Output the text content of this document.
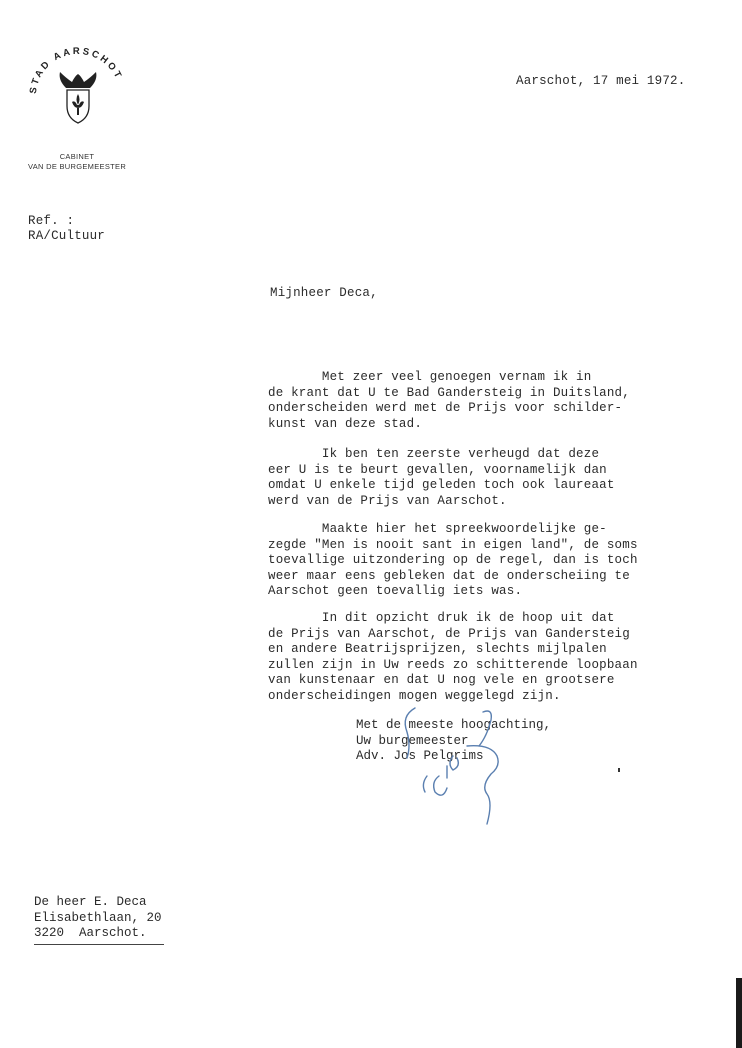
STAD AARSCHOT
CABINET
VAN DE BURGEMEESTER
Aarschot, 17 mei 1972.
Ref. :
RA/Cultuur
Mijnheer Deca,
Met zeer veel genoegen vernam ik in
de krant dat U te Bad Gandersteig in Duitsland,
onderscheiden werd met de Prijs voor schilder-
kunst van deze stad.
Ik ben ten zeerste verheugd dat deze
eer U is te beurt gevallen, voornamelijk dan
omdat U enkele tijd geleden toch ook laureaat
werd van de Prijs van Aarschot.
Maakte hier het spreekwoordelijke ge-
zegde "Men is nooit sant in eigen land", de soms
toevallige uitzondering op de regel, dan is toch
weer maar eens gebleken dat de onderscheiing te
Aarschot geen toevallig iets was.
In dit opzicht druk ik de hoop uit dat
de Prijs van Aarschot, de Prijs van Gandersteig
en andere Beatrijsprijzen, slechts mijlpalen
zullen zijn in Uw reeds zo schitterende loopbaan
van kunstenaar en dat U nog vele en grootsere
onderscheidingen mogen weggelegd zijn.
Met de meeste hoogachting,
Uw burgemeester
Adv. Jos Pelgrims
De heer E. Deca
Elisabethlaan, 20
3220  Aarschot.
